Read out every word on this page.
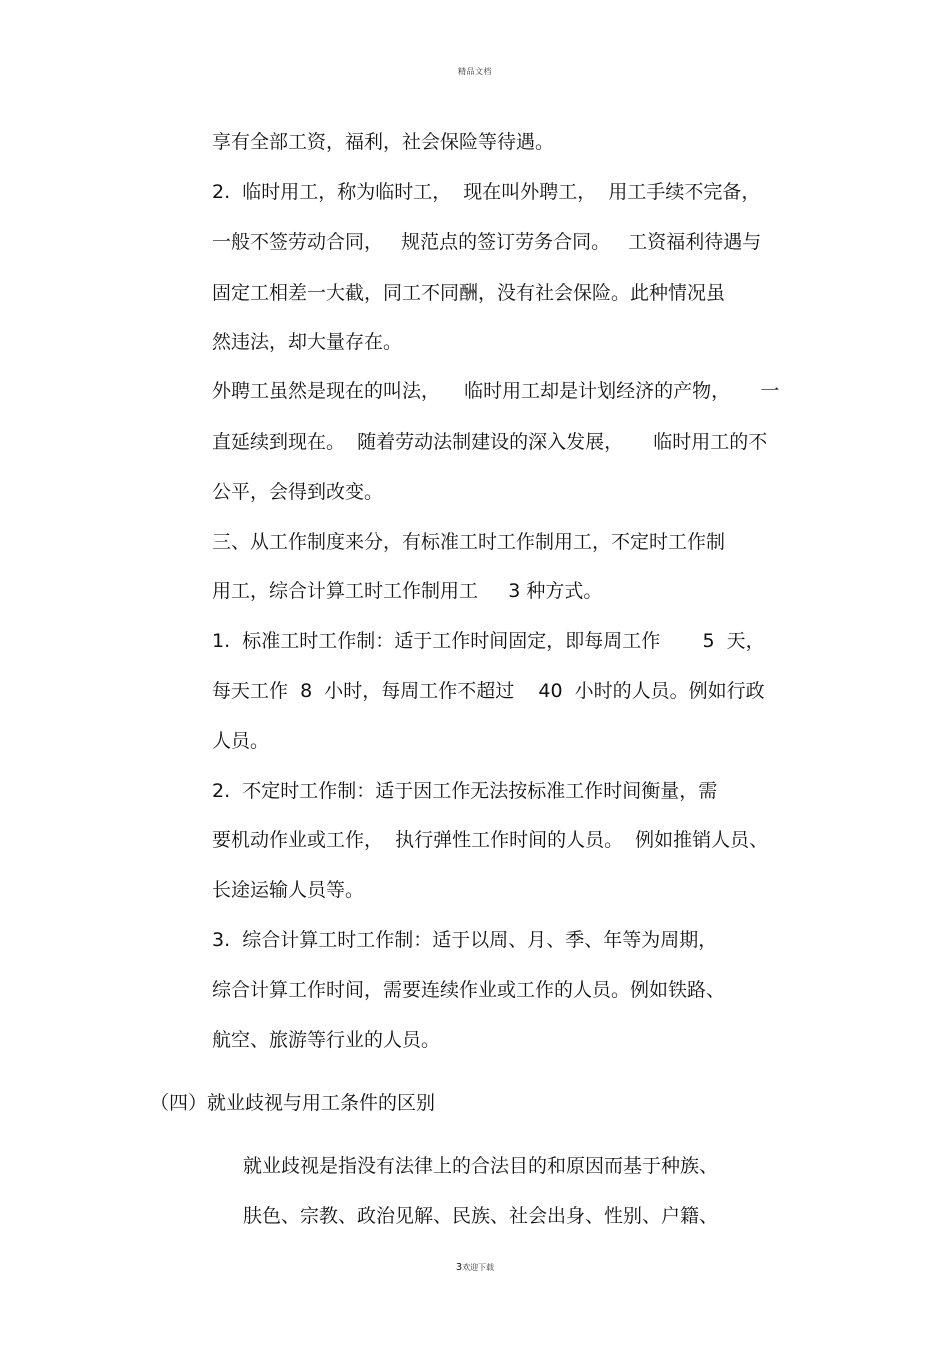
精品文档
享有全部工资，福利，社会保险等待遇。
2.  临时用工，称为临时工，  现在叫外聘工，  用工手续不完备，
一般不签劳动合同，   规范点的签订劳务合同。   工资福利待遇与
固定工相差一大截，同工不同酬，没有社会保险。此种情况虽
然违法，却大量存在。
外聘工虽然是现在的叫法，    临时用工却是计划经济的产物，     一
直延续到现在。  随着劳动法制建设的深入发展，     临时用工的不
公平，会得到改变。
三、从工作制度来分，有标准工时工作制用工，不定时工作制
用工，综合计算工时工作制用工     3 种方式。
1.  标准工时工作制：适于工作时间固定，即每周工作       5  天，
每天工作  8  小时，每周工作不超过    40  小时的人员。例如行政
人员。
2.  不定时工作制：适于因工作无法按标准工作时间衡量，需
要机动作业或工作，  执行弹性工作时间的人员。  例如推销人员、
长途运输人员等。
3.  综合计算工时工作制：适于以周、月、季、年等为周期，
综合计算工作时间，需要连续作业或工作的人员。例如铁路、
航空、旅游等行业的人员。
（四）就业歧视与用工条件的区别
就业歧视是指没有法律上的合法目的和原因而基于种族、
肤色、宗教、政治见解、民族、社会出身、性别、户籍、
3欢迎下载
